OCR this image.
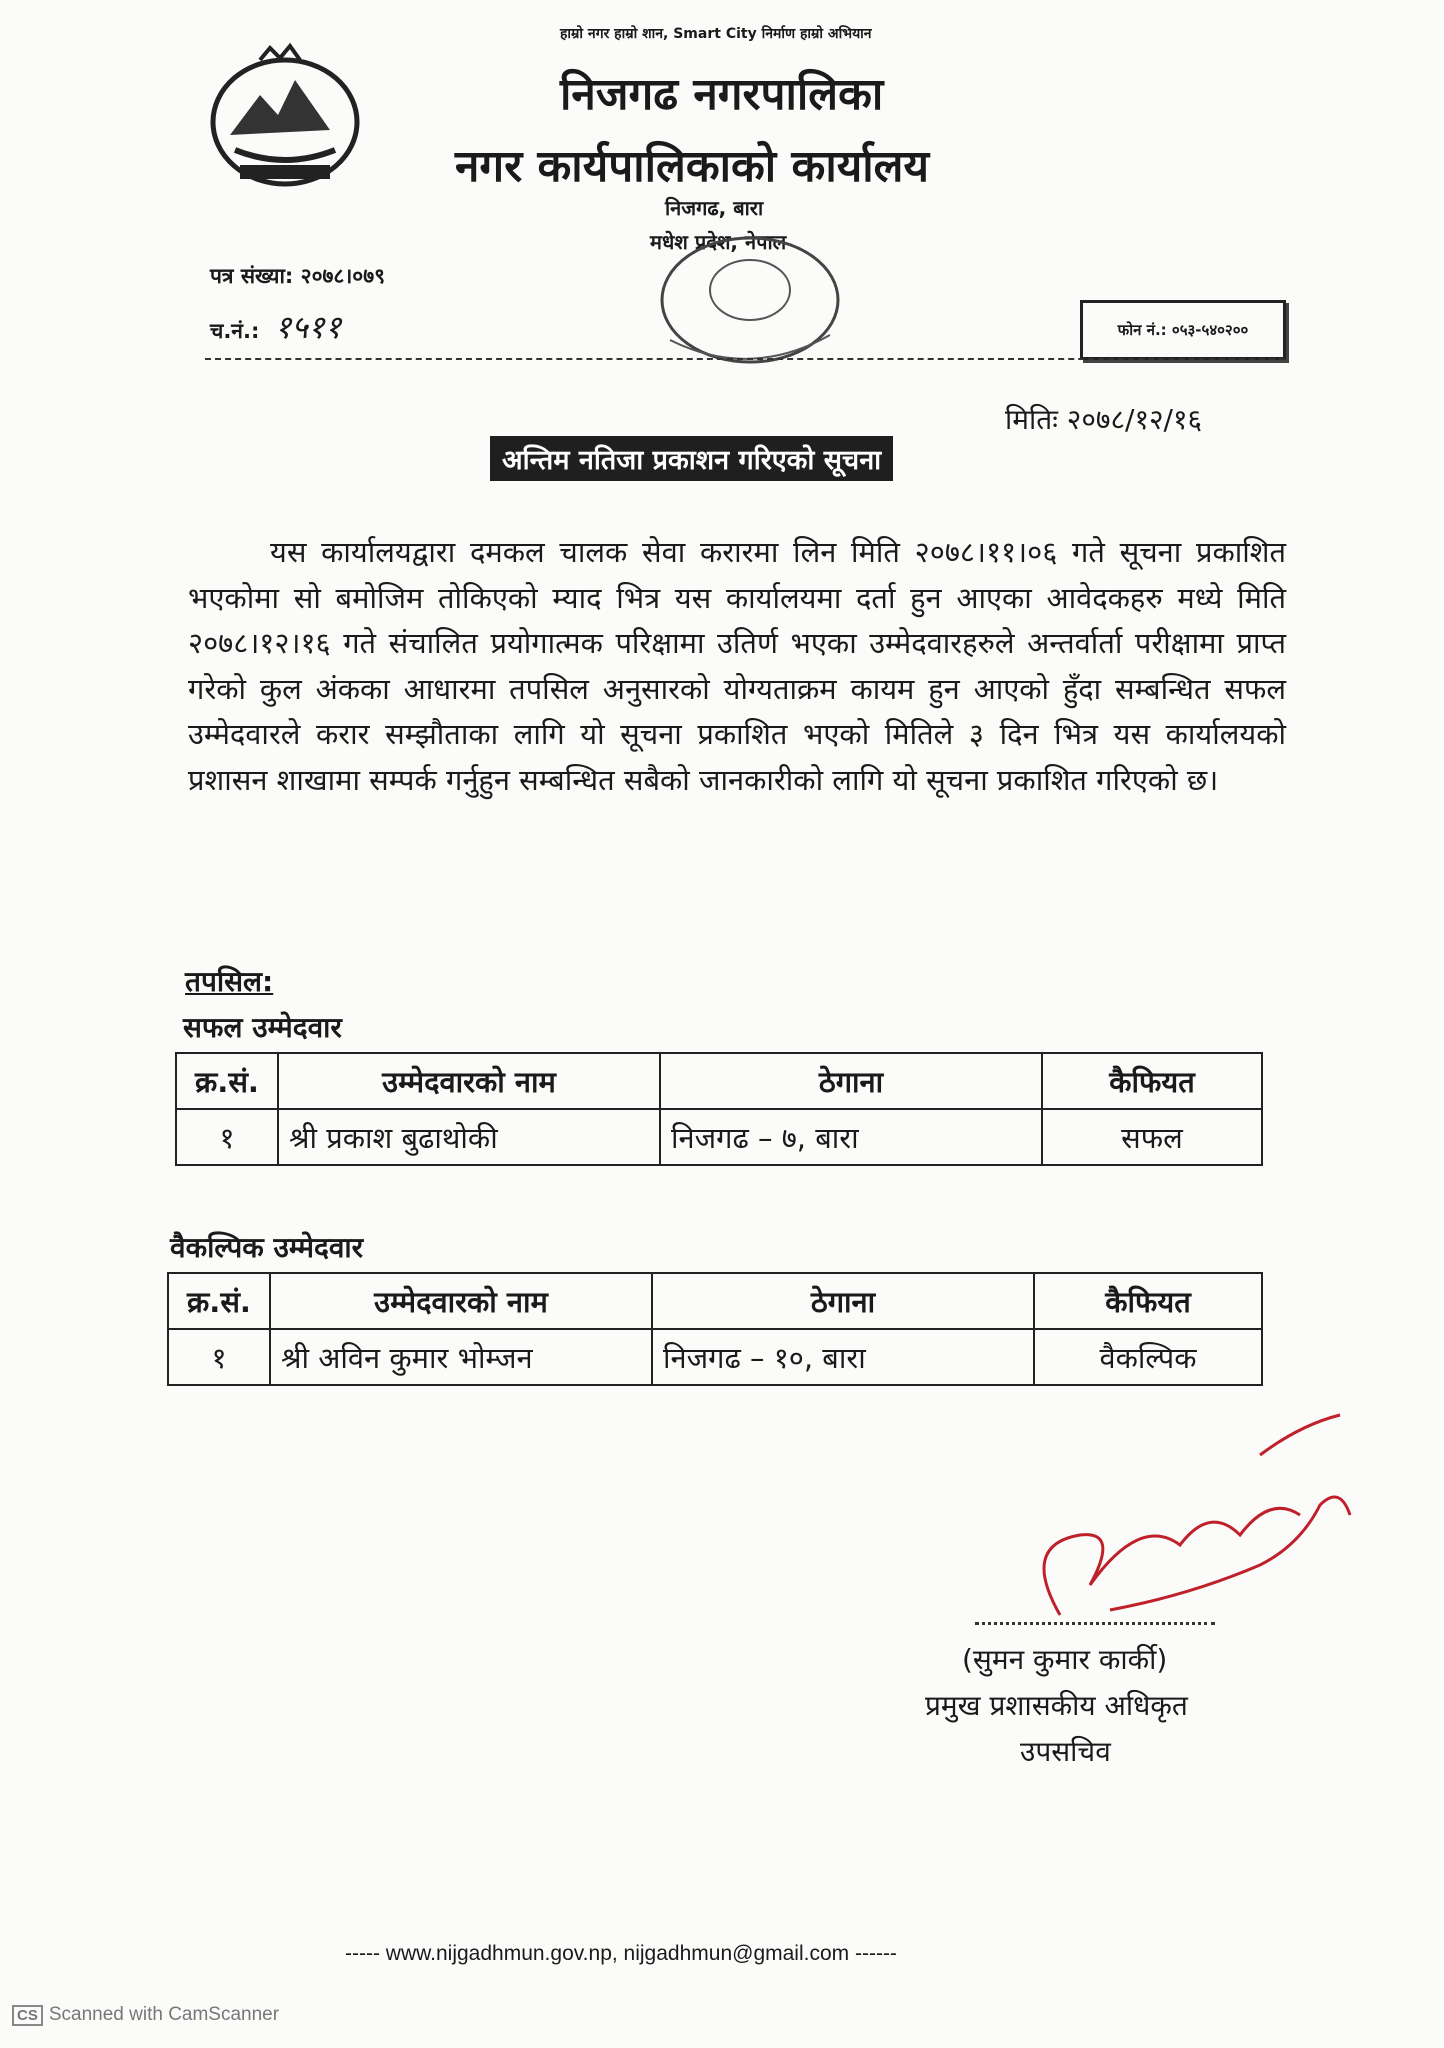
हाम्रो नगर हाम्रो शान, Smart City निर्माण हाम्रो अभियान
निजगढ नगरपालिका
नगर कार्यपालिकाको कार्यालय
निजगढ, बारा
मधेश प्रदेश, नेपाल
पत्र संख्या: २०७८।०७९
च.नं.: १५११	फोन नं.: ०५३-५४०२००
मितिः २०७८/१२/१६
अन्तिम नतिजा प्रकाशन गरिएको सूचना
यस कार्यालयद्वारा दमकल चालक सेवा करारमा लिन मिति २०७८।११।०६ गते सूचना प्रकाशित भएकोमा सो बमोजिम तोकिएको म्याद भित्र यस कार्यालयमा दर्ता हुन आएका आवेदकहरु मध्ये मिति २०७८।१२।१६ गते संचालित प्रयोगात्मक परिक्षामा उतिर्ण भएका उम्मेदवारहरुले अन्तर्वार्ता परीक्षामा प्राप्त गरेको कुल अंकका आधारमा तपसिल अनुसारको योग्यताक्रम कायम हुन आएको हुँदा सम्बन्धित सफल उम्मेदवारले करार सम्झौताका लागि यो सूचना प्रकाशित भएको मितिले ३ दिन भित्र यस कार्यालयको प्रशासन शाखामा सम्पर्क गर्नुहुन सम्बन्धित सबैको जानकारीको लागि यो सूचना प्रकाशित गरिएको छ।
तपसिल:
सफल उम्मेदवार
क्र.सं.	उम्मेदवारको नाम	ठेगाना	कैफियत
१	श्री प्रकाश बुढाथोकी	निजगढ – ७, बारा	सफल
वैकल्पिक उम्मेदवार
क्र.सं.	उम्मेदवारको नाम	ठेगाना	कैफियत
१	श्री अविन कुमार भोम्जन	निजगढ – १०, बारा	वैकल्पिक
(सुमन कुमार कार्की)
प्रमुख प्रशासकीय अधिकृत
उपसचिव
----- www.nijgadhmun.gov.np, nijgadhmun@gmail.com ------
CS Scanned with CamScanner
